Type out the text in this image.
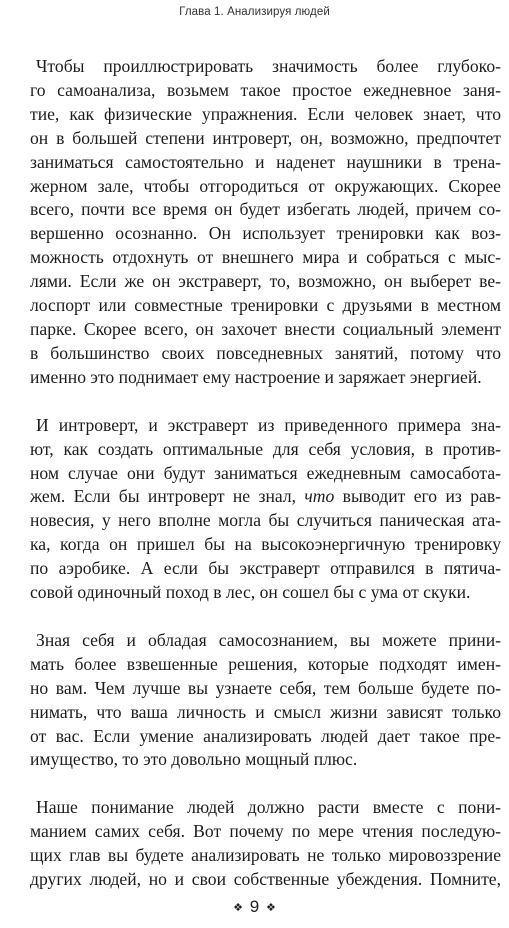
Глава 1. Анализируя людей
Чтобы проиллюстрировать значимость более глубоко-
го самоанализа, возьмем такое простое ежедневное заня-
тие, как физические упражнения. Если человек знает, что
он в большей степени интроверт, он, возможно, предпочтет
заниматься самостоятельно и наденет наушники в трена-
жерном зале, чтобы отгородиться от окружающих. Скорее
всего, почти все время он будет избегать людей, причем со-
вершенно осознанно. Он использует тренировки как воз-
можность отдохнуть от внешнего мира и собраться с мыс-
лями. Если же он экстраверт, то, возможно, он выберет ве-
лоспорт или совместные тренировки с друзьями в местном
парке. Скорее всего, он захочет внести социальный элемент
в большинство своих повседневных занятий, потому что
именно это поднимает ему настроение и заряжает энергией.
И интроверт, и экстраверт из приведенного примера зна-
ют, как создать оптимальные для себя условия, в против-
ном случае они будут заниматься ежедневным самосабота-
жем. Если бы интроверт не знал, что выводит его из рав-
новесия, у него вполне могла бы случиться паническая ата-
ка, когда он пришел бы на высокоэнергичную тренировку
по аэробике. А если бы экстраверт отправился в пятича-
совой одиночный поход в лес, он сошел бы с ума от скуки.
Зная себя и обладая самосознанием, вы можете прини-
мать более взвешенные решения, которые подходят имен-
но вам. Чем лучше вы узнаете себя, тем больше будете по-
нимать, что ваша личность и смысл жизни зависят только
от вас. Если умение анализировать людей дает такое пре-
имущество, то это довольно мощный плюс.
Наше понимание людей должно расти вместе с пони-
манием самих себя. Вот почему по мере чтения последую-
щих глав вы будете анализировать не только мировоззрение
других людей, но и свои собственные убеждения. Помните,
❖ 9 ❖
